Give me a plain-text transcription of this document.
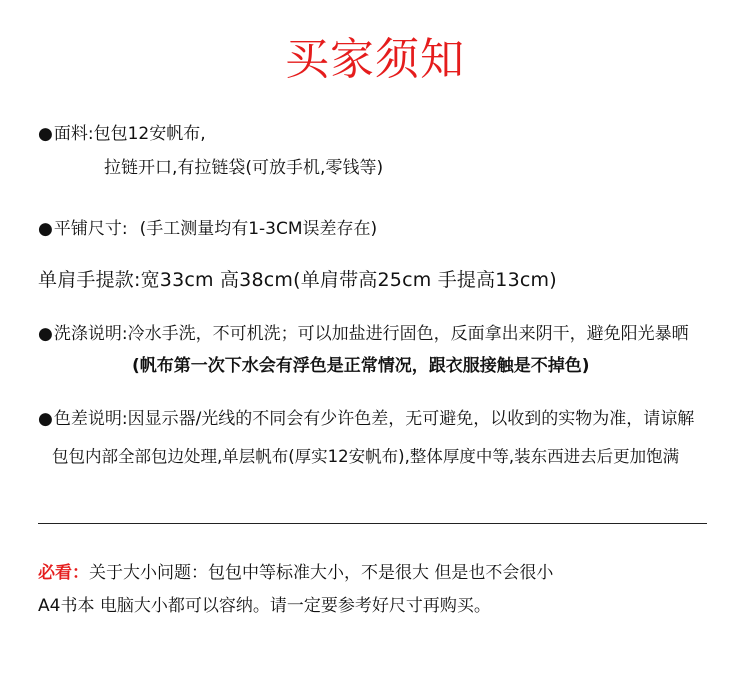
买家须知
●面料:包包12安帆布,
拉链开口,有拉链袋(可放手机,零钱等)
●平铺尺寸: (手工测量均有1-3CM误差存在)
单肩手提款:宽33cm 高38cm(单肩带高25cm 手提高13cm)
●洗涤说明:冷水手洗，不可机洗；可以加盐进行固色，反面拿出来阴干，避免阳光暴晒
(帆布第一次下水会有浮色是正常情况，跟衣服接触是不掉色)
●色差说明:因显示器/光线的不同会有少许色差，无可避免，以收到的实物为准，请谅解
包包内部全部包边处理,单层帆布(厚实12安帆布),整体厚度中等,装东西进去后更加饱满
必看：关于大小问题：包包中等标准大小，不是很大 但是也不会很小
A4书本 电脑大小都可以容纳。请一定要参考好尺寸再购买。
